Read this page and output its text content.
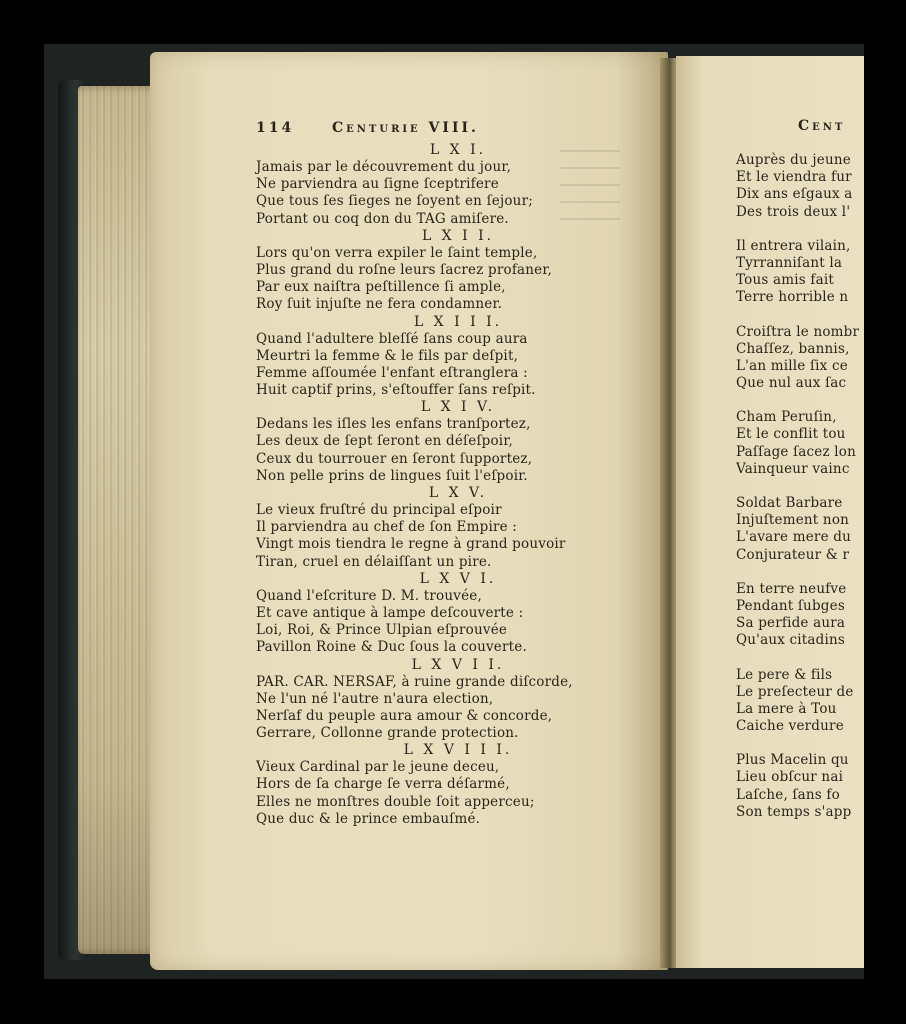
114	Centurie VIII.
L X I.
Jamais par le découvrement du jour,
Ne parviendra au ſigne ſceptrifere
Que tous ſes ſieges ne ſoyent en ſejour;
Portant ou coq don du TAG amiſere.
L X I I.
Lors qu'on verra expiler le ſaint temple,
Plus grand du roſne leurs ſacrez profaner,
Par eux naiſtra peſtillence ſi ample,
Roy ſuit injuſte ne fera condamner.
L X I I I.
Quand l'adultere bleſſé ſans coup aura
Meurtri la femme & le fils par deſpit,
Femme aſſoumée l'enfant eſtranglera :
Huit captif prins, s'eſtouffer ſans reſpit.
L X I V.
Dedans les iſles les enfans tranſportez,
Les deux de ſept ſeront en déſeſpoir,
Ceux du tourrouer en ſeront ſupportez,
Non pelle prins de lingues ſuit l'eſpoir.
L X V.
Le vieux fruſtré du principal eſpoir
Il parviendra au chef de ſon Empire :
Vingt mois tiendra le regne à grand pouvoir
Tiran, cruel en délaiſſant un pire.
L X V I.
Quand l'eſcriture D. M. trouvée,
Et cave antique à lampe deſcouverte :
Loi, Roi, & Prince Ulpian eſprouvée
Pavillon Roine & Duc ſous la couverte.
L X V I I.
PAR. CAR. NERSAF, à ruine grande diſcorde,
Ne l'un né l'autre n'aura election,
Nerſaf du peuple aura amour & concorde,
Gerrare, Collonne grande protection.
L X V I I I.
Vieux Cardinal par le jeune deceu,
Hors de ſa charge ſe verra déſarmé,
Elles ne monſtres double ſoit apperceu;
Que duc & le prince embauſmé.
Cent
Auprès du jeune
Et le viendra fur
Dix ans eſgaux a
Des trois deux l'
Il entrera vilain,
Tyrranniſant la
Tous amis fait
Terre horrible n
Croiſtra le nombr
Chaſſez, bannis,
L'an mille ſix ce
Que nul aux ſac
Cham Peruſin,
Et le conflit tou
Paſſage ſacez lon
Vainqueur vainc
Soldat Barbare
Injuſtement non
L'avare mere du
Conjurateur & r
En terre neufve
Pendant ſubges
Sa perfide aura
Qu'aux citadins
Le pere & fils
Le preſecteur de
La mere à Tou
Caiche verdure
Plus Macelin qu
Lieu obſcur nai
Laſche, ſans fo
Son temps s'app
